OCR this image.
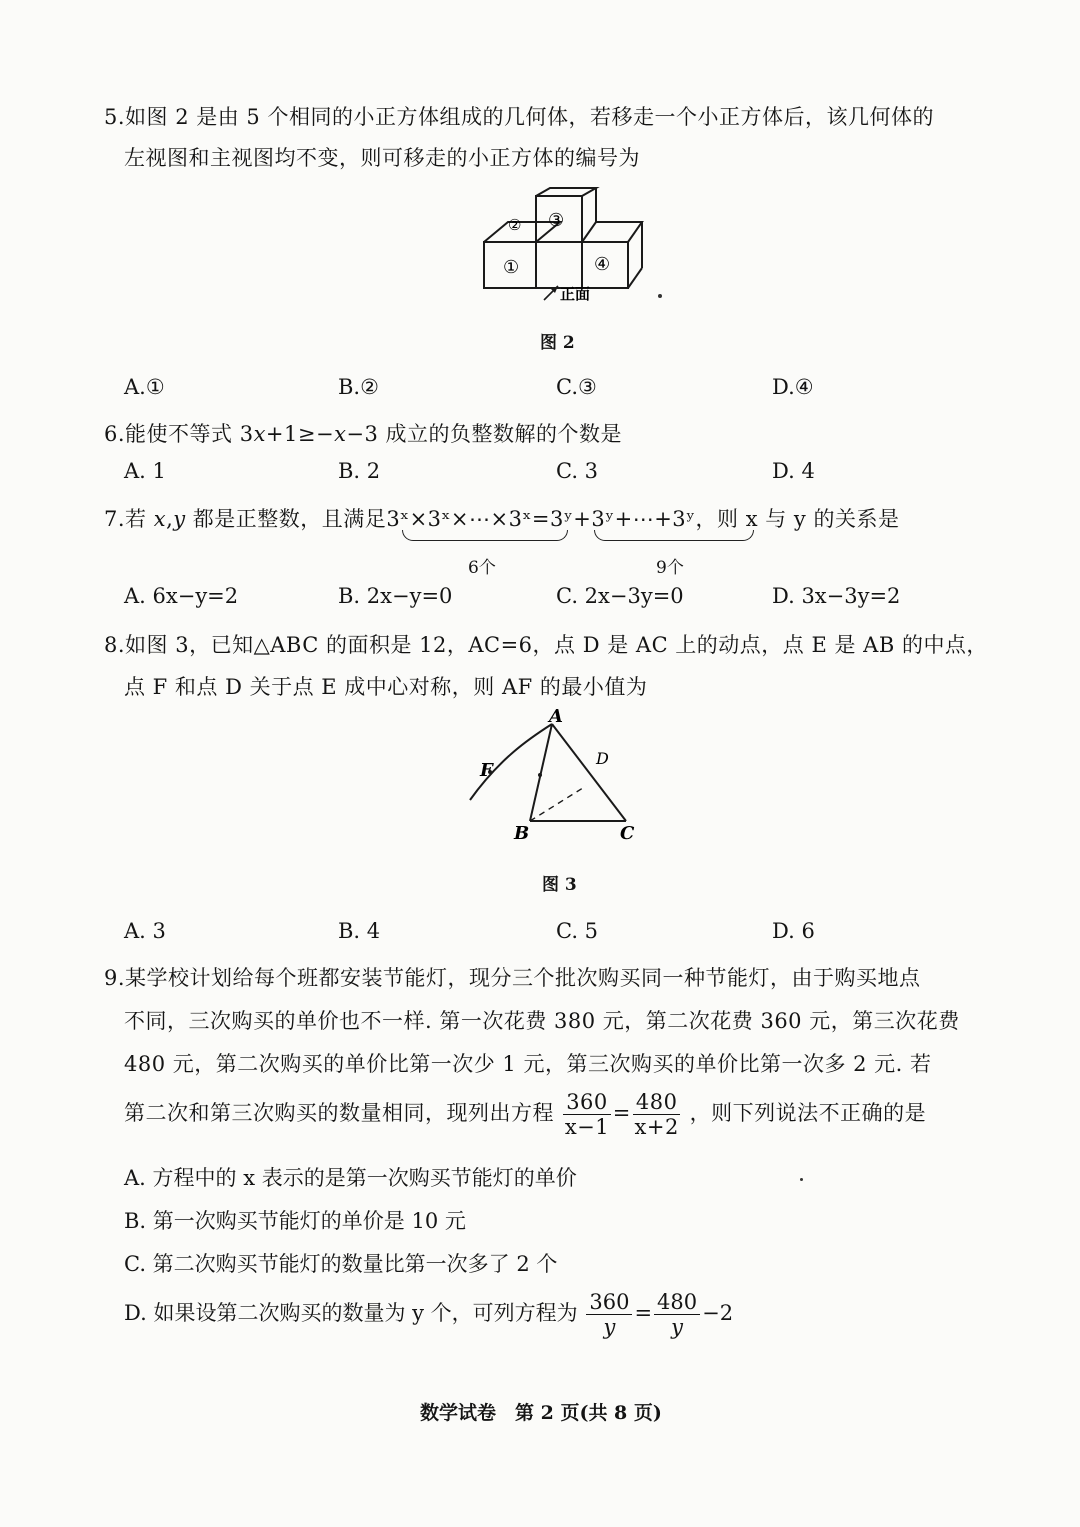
5.如图 2 是由 5 个相同的小正方体组成的几何体，若移走一个小正方体后，该几何体的
左视图和主视图均不变，则可移走的小正方体的编号为
①
② ③
④
正面
图 2
A.①	B.②	C.③	D.④
6.能使不等式 3x+1≥−x−3 成立的负整数解的个数是
A. 1	B. 2	C. 3	D. 4
7.若 x,y 都是正整数，且满足3ˣ×3ˣ×⋯×3ˣ=3ʸ+3ʸ+⋯+3ʸ，则 x 与 y 的关系是
6个	9个
A. 6x−y=2	B. 2x−y=0	C. 2x−3y=0	D. 3x−3y=2
8.如图 3，已知△ABC 的面积是 12，AC=6，点 D 是 AC 上的动点，点 E 是 AB 的中点，
点 F 和点 D 关于点 E 成中心对称，则 AF 的最小值为
A
B	C
D
F
图 3
A. 3	B. 4	C. 5	D. 6
9.某学校计划给每个班都安装节能灯，现分三个批次购买同一种节能灯，由于购买地点
不同，三次购买的单价也不一样. 第一次花费 380 元，第二次花费 360 元，第三次花费
480 元，第二次购买的单价比第一次少 1 元，第三次购买的单价比第一次多 2 元. 若
第二次和第三次购买的数量相同，现列出方程 $\frac{360}{x-1} = \frac{480}{x+2}$ ，则下列说法不正确的是
A. 方程中的 x 表示的是第一次购买节能灯的单价
B. 第一次购买节能灯的单价是 10 元
C. 第二次购买节能灯的数量比第一次多了 2 个
D. 如果设第二次购买的数量为 y 个，可列方程为 $\frac{360}{y} = \frac{480}{y} -2$
数学试卷　第 2 页(共 8 页)
